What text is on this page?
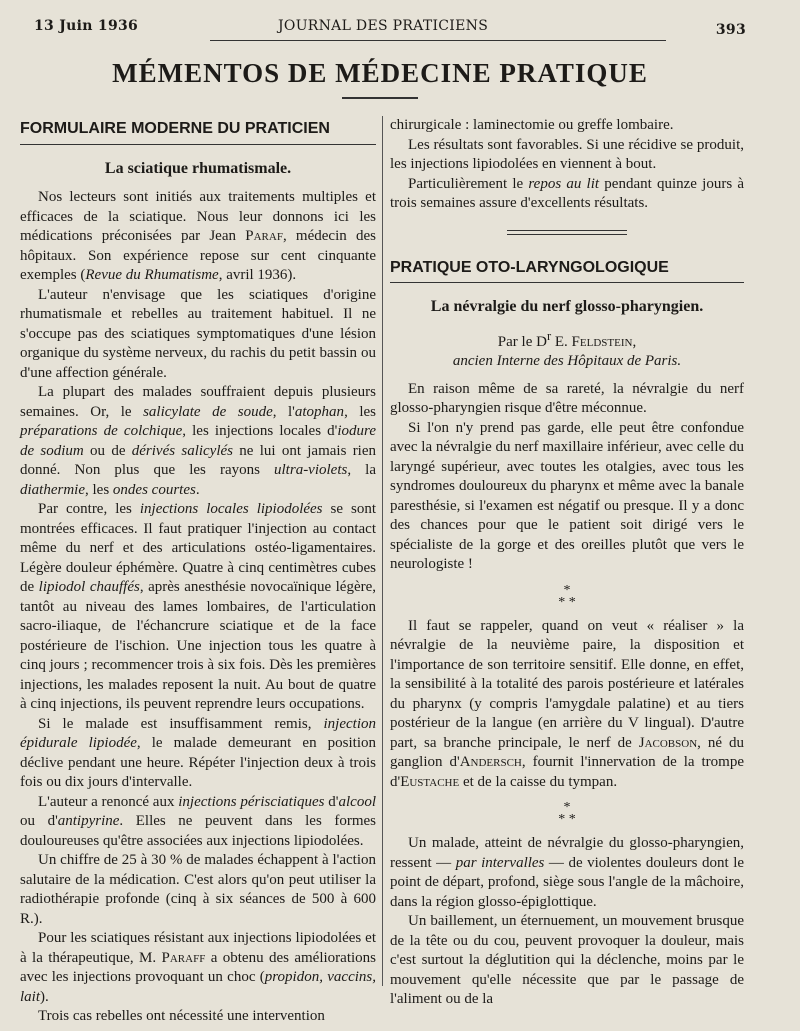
13 Juin 1936	JOURNAL DES PRATICIENS	393
MÉMENTOS DE MÉDECINE PRATIQUE
FORMULAIRE MODERNE DU PRATICIEN
La sciatique rhumatismale.

Nos lecteurs sont initiés aux traitements multiples et efficaces de la sciatique. Nous leur donnons ici les médications préconisées par Jean Paraf, médecin des hôpitaux. Son expérience repose sur cent cinquante exemples (Revue du Rhumatisme, avril 1936).

L'auteur n'envisage que les sciatiques d'origine rhumatismale et rebelles au traitement habituel. Il ne s'occupe pas des sciatiques symptomatiques d'une lésion organique du système nerveux, du rachis du petit bassin ou d'une affection générale.

La plupart des malades souffraient depuis plusieurs semaines. Or, le salicylate de soude, l'atophan, les préparations de colchique, les injections locales d'iodure de sodium ou de dérivés salicylés ne lui ont jamais rien donné. Non plus que les rayons ultra-violets, la diathermie, les ondes courtes.

Par contre, les injections locales lipiodolées se sont montrées efficaces. Il faut pratiquer l'injection au contact même du nerf et des articulations ostéo-ligamentaires. Légère douleur éphémère. Quatre à cinq centimètres cubes de lipiodol chauffés, après anesthésie novocaïnique légère, tantôt au niveau des lames lombaires, de l'articulation sacro-iliaque, de l'échancrure sciatique et de la face postérieure de l'ischion. Une injection tous les quatre à cinq jours ; recommencer trois à six fois. Dès les premières injections, les malades reposent la nuit. Au bout de quatre à cinq injections, ils peuvent reprendre leurs occupations.

Si le malade est insuffisamment remis, injection épidurale lipiodée, le malade demeurant en position déclive pendant une heure. Répéter l'injection deux à trois fois ou dix jours d'intervalle.

L'auteur a renoncé aux injections périsciatiques d'alcool ou d'antipyrine. Elles ne peuvent dans les formes douloureuses qu'être associées aux injections lipiodolées.

Un chiffre de 25 à 30 % de malades échappent à l'action salutaire de la médication. C'est alors qu'on peut utiliser la radiothérapie profonde (cinq à six séances de 500 à 600 R.).

Pour les sciatiques résistant aux injections lipiodolées et à la thérapeutique, M. Paraff a obtenu des améliorations avec les injections provoquant un choc (propidon, vaccins, lait).

Trois cas rebelles ont nécessité une intervention

chirurgicale : laminectomie ou greffe lombaire.

Les résultats sont favorables. Si une récidive se produit, les injections lipiodolées en viennent à bout.

Particulièrement le repos au lit pendant quinze jours à trois semaines assure d'excellents résultats.

PRATIQUE OTO-LARYNGOLOGIQUE
La névralgie du nerf glosso-pharyngien.
Par le $D^r$ E. Feldstein,
ancien Interne des Hôpitaux de Paris.

En raison même de sa rareté, la névralgie du nerf glosso-pharyngien risque d'être méconnue.

Si l'on n'y prend pas garde, elle peut être confondue avec la névralgie du nerf maxillaire inférieur, avec celle du laryngé supérieur, avec toutes les otalgies, avec tous les syndromes douloureux du pharynx et même avec la banale paresthésie, si l'examen est négatif ou presque. Il y a donc des chances pour que le patient soit dirigé vers le spécialiste de la gorge et des oreilles plutôt que vers le neurologiste !

*
* *

Il faut se rappeler, quand on veut « réaliser » la névralgie de la neuvième paire, la disposition et l'importance de son territoire sensitif. Elle donne, en effet, la sensibilité à la totalité des parois postérieure et latérales du pharynx (y compris l'amygdale palatine) et au tiers postérieur de la langue (en arrière du V lingual). D'autre part, sa branche principale, le nerf de Jacobson, né du ganglion d'Andersch, fournit l'innervation de la trompe d'Eustache et de la caisse du tympan.

*
* *

Un malade, atteint de névralgie du glosso-pharyngien, ressent — par intervalles — de violentes douleurs dont le point de départ, profond, siège sous l'angle de la mâchoire, dans la région glosso-épiglottique.

Un baillement, un éternuement, un mouvement brusque de la tête ou du cou, peuvent provoquer la douleur, mais c'est surtout la déglutition qui la déclenche, moins par le mouvement qu'elle nécessite que par le passage de l'aliment ou de la
